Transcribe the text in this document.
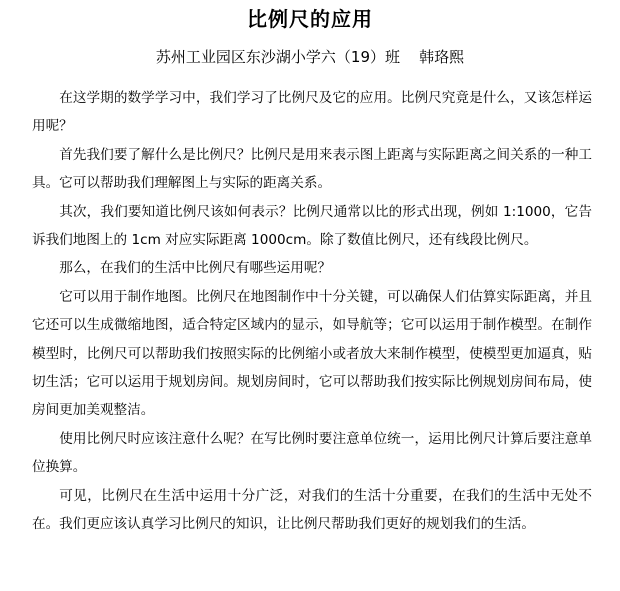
比例尺的应用
苏州工业园区东沙湖小学六（19）班    韩珞熙

在这学期的数学学习中，我们学习了比例尺及它的应用。比例尺究竟是什么，又该怎样运用呢？

首先我们要了解什么是比例尺？比例尺是用来表示图上距离与实际距离之间关系的一种工具。它可以帮助我们理解图上与实际的距离关系。

其次，我们要知道比例尺该如何表示？比例尺通常以比的形式出现，例如 1:1000，它告诉我们地图上的 1cm 对应实际距离 1000cm。除了数值比例尺，还有线段比例尺。

那么，在我们的生活中比例尺有哪些运用呢？

它可以用于制作地图。比例尺在地图制作中十分关键，可以确保人们估算实际距离，并且它还可以生成微缩地图，适合特定区域内的显示，如导航等；它可以运用于制作模型。在制作模型时，比例尺可以帮助我们按照实际的比例缩小或者放大来制作模型，使模型更加逼真，贴切生活；它可以运用于规划房间。规划房间时，它可以帮助我们按实际比例规划房间布局，使房间更加美观整洁。

使用比例尺时应该注意什么呢？在写比例时要注意单位统一，运用比例尺计算后要注意单位换算。

可见，比例尺在生活中运用十分广泛，对我们的生活十分重要，在我们的生活中无处不在。我们更应该认真学习比例尺的知识，让比例尺帮助我们更好的规划我们的生活。
